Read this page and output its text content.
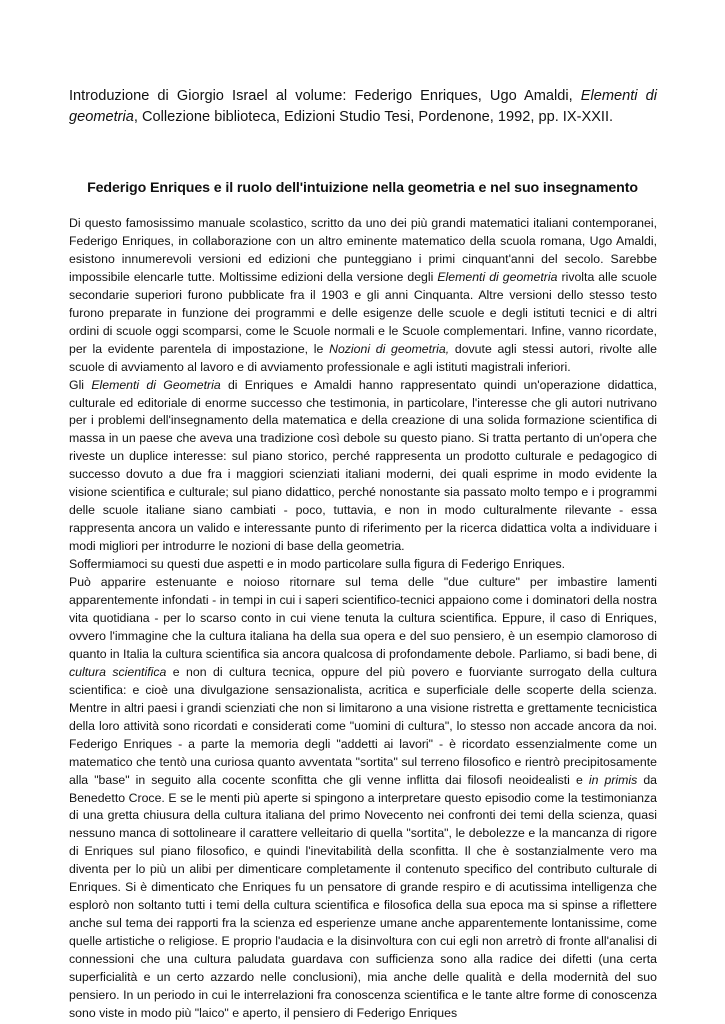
Introduzione di Giorgio Israel al volume: Federigo Enriques, Ugo Amaldi, Elementi di geometria, Collezione biblioteca, Edizioni Studio Tesi, Pordenone, 1992, pp. IX-XXII.

Federigo Enriques e il ruolo dell'intuizione nella geometria e nel suo insegnamento

Di questo famosissimo manuale scolastico, scritto da uno dei più grandi matematici italiani contemporanei, Federigo Enriques, in collaborazione con un altro eminente matematico della scuola romana, Ugo Amaldi, esistono innumerevoli versioni ed edizioni che punteggiano i primi cinquant'anni del secolo. Sarebbe impossibile elencarle tutte. Moltissime edizioni della versione degli Elementi di geometria rivolta alle scuole secondarie superiori furono pubblicate fra il 1903 e gli anni Cinquanta. Altre versioni dello stesso testo furono preparate in funzione dei programmi e delle esigenze delle scuole e degli istituti tecnici e di altri ordini di scuole oggi scomparsi, come le Scuole normali e le Scuole complementari. Infine, vanno ricordate, per la evidente parentela di impostazione, le Nozioni di geometria, dovute agli stessi autori, rivolte alle scuole di avviamento al lavoro e di avviamento professionale e agli istituti magistrali inferiori.

Gli Elementi di Geometria di Enriques e Amaldi hanno rappresentato quindi un'operazione didattica, culturale ed editoriale di enorme successo che testimonia, in particolare, l'interesse che gli autori nutrivano per i problemi dell'insegnamento della matematica e della creazione di una solida formazione scientifica di massa in un paese che aveva una tradizione così debole su questo piano. Si tratta pertanto di un'opera che riveste un duplice interesse: sul piano storico, perché rappresenta un prodotto culturale e pedagogico di successo dovuto a due fra i maggiori scienziati italiani moderni, dei quali esprime in modo evidente la visione scientifica e culturale; sul piano didattico, perché nonostante sia passato molto tempo e i programmi delle scuole italiane siano cambiati - poco, tuttavia, e non in modo culturalmente rilevante - essa rappresenta ancora un valido e interessante punto di riferimento per la ricerca didattica volta a individuare i modi migliori per introdurre le nozioni di base della geometria.

Soffermiamoci su questi due aspetti e in modo particolare sulla figura di Federigo Enriques.

Può apparire estenuante e noioso ritornare sul tema delle "due culture" per imbastire lamenti apparentemente infondati - in tempi in cui i saperi scientifico-tecnici appaiono come i dominatori della nostra vita quotidiana - per lo scarso conto in cui viene tenuta la cultura scientifica. Eppure, il caso di Enriques, ovvero l'immagine che la cultura italiana ha della sua opera e del suo pensiero, è un esempio clamoroso di quanto in Italia la cultura scientifica sia ancora qualcosa di profondamente debole. Parliamo, si badi bene, di cultura scientifica e non di cultura tecnica, oppure del più povero e fuorviante surrogato della cultura scientifica: e cioè una divulgazione sensazionalista, acritica e superficiale delle scoperte della scienza. Mentre in altri paesi i grandi scienziati che non si limitarono a una visione ristretta e grettamente tecnicistica della loro attività sono ricordati e considerati come "uomini di cultura", lo stesso non accade ancora da noi. Federigo Enriques - a parte la memoria degli "addetti ai lavori" - è ricordato essenzialmente come un matematico che tentò una curiosa quanto avventata "sortita" sul terreno filosofico e rientrò precipitosamente alla "base" in seguito alla cocente sconfitta che gli venne inflitta dai filosofi neoidealisti e in primis da Benedetto Croce. E se le menti più aperte si spingono a interpretare questo episodio come la testimonianza di una gretta chiusura della cultura italiana del primo Novecento nei confronti dei temi della scienza, quasi nessuno manca di sottolineare il carattere velleitario di quella "sortita", le debolezze e la mancanza di rigore di Enriques sul piano filosofico, e quindi l'inevitabilità della sconfitta. Il che è sostanzialmente vero ma diventa per lo più un alibi per dimenticare completamente il contenuto specifico del contributo culturale di Enriques. Si è dimenticato che Enriques fu un pensatore di grande respiro e di acutissima intelligenza che esplorò non soltanto tutti i temi della cultura scientifica e filosofica della sua epoca ma si spinse a riflettere anche sul tema dei rapporti fra la scienza ed esperienze umane anche apparentemente lontanissime, come quelle artistiche o religiose. E proprio l'audacia e la disinvoltura con cui egli non arretrò di fronte all'analisi di connessioni che una cultura paludata guardava con sufficienza sono alla radice dei difetti (una certa superficialità e un certo azzardo nelle conclusioni), mia anche delle qualità e della modernità del suo pensiero. In un periodo in cui le interrelazioni fra conoscenza scientifica e le tante altre forme di conoscenza sono viste in modo più "laico" e aperto, il pensiero di Federigo Enriques
